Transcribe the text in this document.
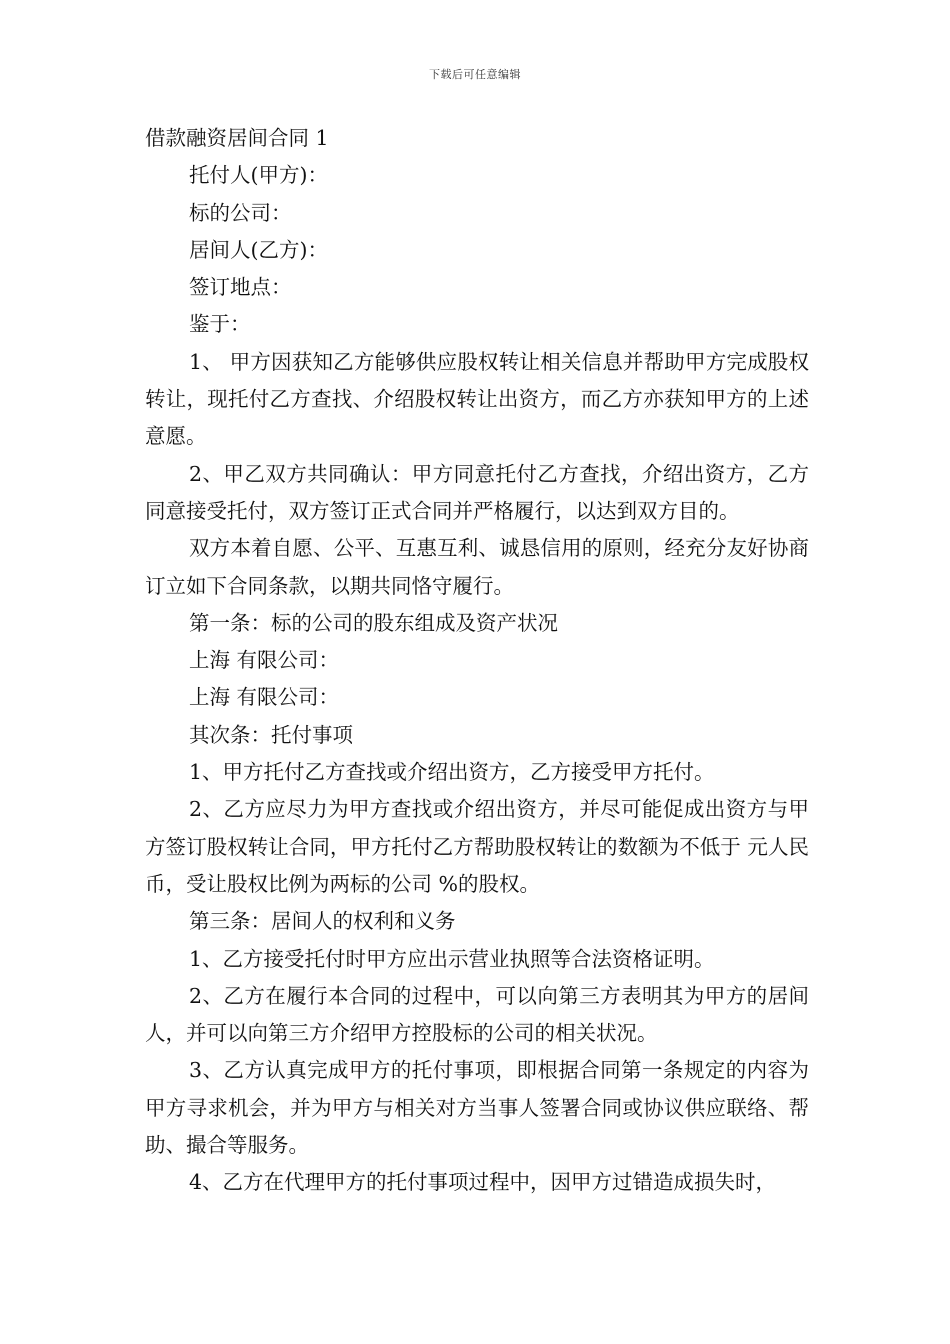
下载后可任意编辑

借款融资居间合同 1

托付人(甲方)：

标的公司：

居间人(乙方)：

签订地点：

鉴于：

1、 甲方因获知乙方能够供应股权转让相关信息并帮助甲方完成股权转让，现托付乙方查找、介绍股权转让出资方，而乙方亦获知甲方的上述意愿。

2、甲乙双方共同确认：甲方同意托付乙方查找，介绍出资方，乙方同意接受托付，双方签订正式合同并严格履行，以达到双方目的。

双方本着自愿、公平、互惠互利、诚恳信用的原则，经充分友好协商订立如下合同条款，以期共同恪守履行。

第一条：标的公司的股东组成及资产状况

上海 有限公司：

上海 有限公司：

其次条：托付事项

1、甲方托付乙方查找或介绍出资方，乙方接受甲方托付。

2、乙方应尽力为甲方查找或介绍出资方，并尽可能促成出资方与甲方签订股权转让合同，甲方托付乙方帮助股权转让的数额为不低于 元人民币，受让股权比例为两标的公司 %的股权。

第三条：居间人的权利和义务

1、乙方接受托付时甲方应出示营业执照等合法资格证明。

2、乙方在履行本合同的过程中，可以向第三方表明其为甲方的居间人，并可以向第三方介绍甲方控股标的公司的相关状况。

3、乙方认真完成甲方的托付事项，即根据合同第一条规定的内容为甲方寻求机会，并为甲方与相关对方当事人签署合同或协议供应联络、帮助、撮合等服务。

4、乙方在代理甲方的托付事项过程中，因甲方过错造成损失时，
